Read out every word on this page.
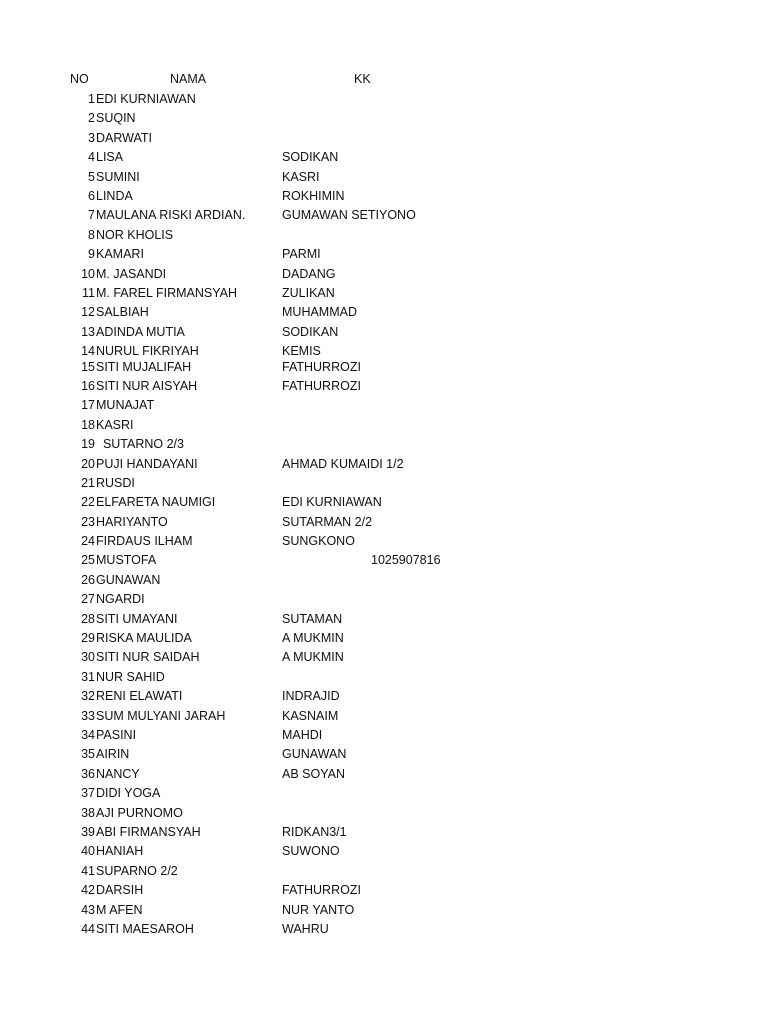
NO	NAMA	KK
1 EDI KURNIAWAN
2 SUQIN
3 DARWATI
4 LISA	SODIKAN
5 SUMINI	KASRI
6 LINDA	ROKHIMIN
7 MAULANA RISKI ARDIAN.	GUMAWAN SETIYONO
8 NOR KHOLIS
9 KAMARI	PARMI
10 M. JASANDI	DADANG
11 M. FAREL FIRMANSYAH	ZULIKAN
12 SALBIAH	MUHAMMAD
13 ADINDA MUTIA	SODIKAN
14 NURUL FIKRIYAH	KEMIS
15 SITI MUJALIFAH	FATHURROZI
16 SITI NUR AISYAH	FATHURROZI
17 MUNAJAT
18 KASRI
19 SUTARNO 2/3
20 PUJI HANDAYANI	AHMAD KUMAIDI 1/2
21 RUSDI
22 ELFARETA NAUMIGI	EDI KURNIAWAN
23 HARIYANTO	SUTARMAN 2/2
24 FIRDAUS ILHAM	SUNGKONO
25 MUSTOFA	1025907816
26 GUNAWAN
27 NGARDI
28 SITI UMAYANI	SUTAMAN
29 RISKA MAULIDA	A MUKMIN
30 SITI NUR SAIDAH	A MUKMIN
31 NUR SAHID
32 RENI ELAWATI	INDRAJID
33 SUM MULYANI JARAH	KASNAIM
34 PASINI	MAHDI
35 AIRIN	GUNAWAN
36 NANCY	AB SOYAN
37 DIDI YOGA
38 AJI PURNOMO
39 ABI FIRMANSYAH	RIDKAN3/1
40 HANIAH	SUWONO
41 SUPARNO 2/2
42 DARSIH	FATHURROZI
43 M AFEN	NUR YANTO
44 SITI MAESAROH	WAHRU
